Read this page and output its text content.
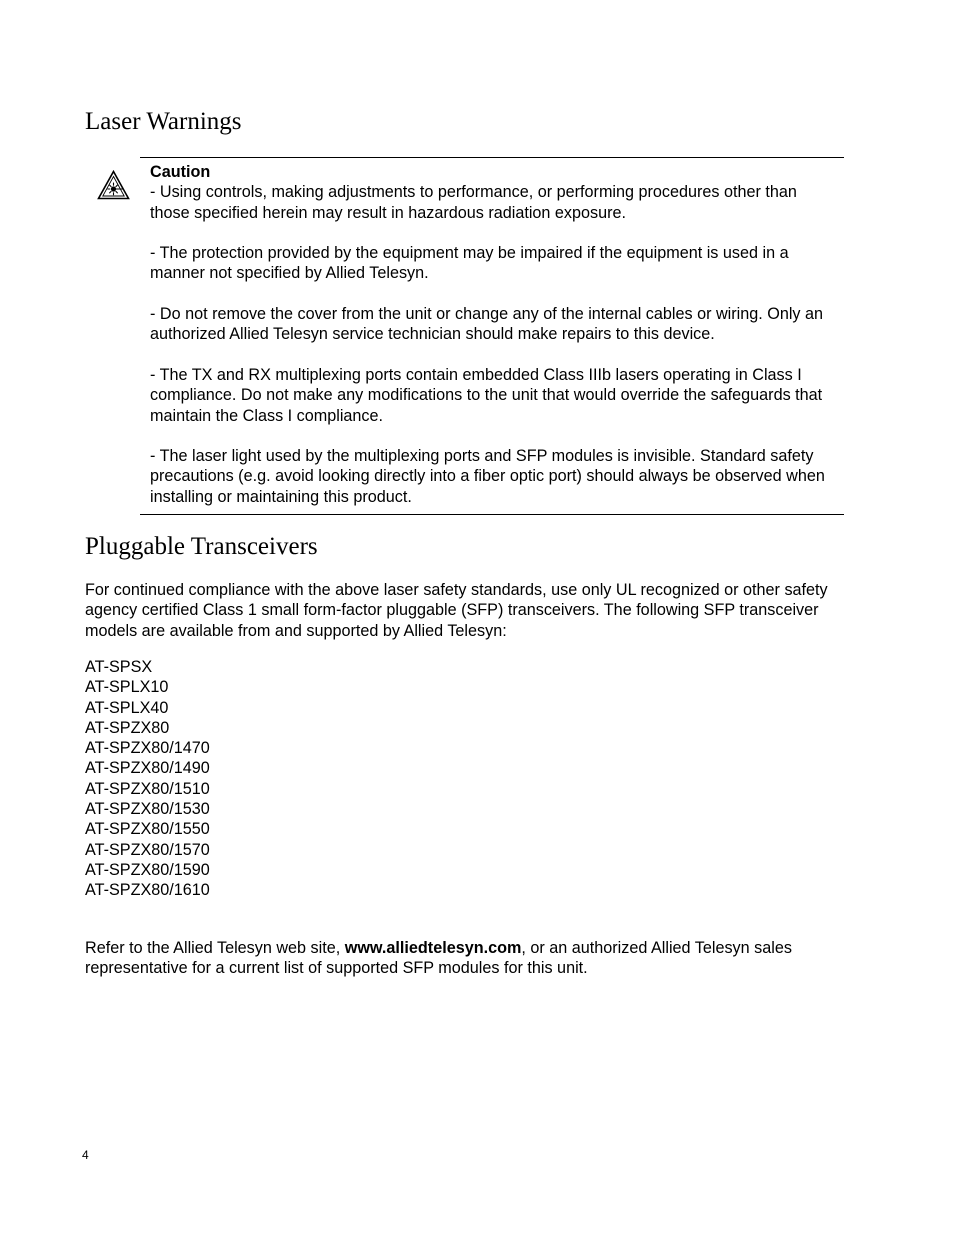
Laser Warnings

Caution

- Using controls, making adjustments to performance, or performing procedures other than those specified herein may result in hazardous radiation exposure.

- The protection provided by the equipment may be impaired if the equipment is used in a manner not specified by Allied Telesyn.

- Do not remove the cover from the unit or change any of the internal cables or wiring. Only an authorized Allied Telesyn service technician should make repairs to this device.

- The TX and RX multiplexing ports contain embedded Class IIIb lasers operating in Class I compliance. Do not make any modifications to the unit that would override the safeguards that maintain the Class I compliance.

- The laser light used by the multiplexing ports and SFP modules is invisible. Standard safety precautions (e.g. avoid looking directly into a fiber optic port) should always be observed when installing or maintaining this product.

Pluggable Transceivers

For continued compliance with the above laser safety standards, use only UL recognized or other safety agency certified Class 1 small form-factor pluggable (SFP) transceivers. The following SFP transceiver models are available from and supported by Allied Telesyn:

AT-SPSX
AT-SPLX10
AT-SPLX40
AT-SPZX80
AT-SPZX80/1470
AT-SPZX80/1490
AT-SPZX80/1510
AT-SPZX80/1530
AT-SPZX80/1550
AT-SPZX80/1570
AT-SPZX80/1590
AT-SPZX80/1610

Refer to the Allied Telesyn web site, www.alliedtelesyn.com, or an authorized Allied Telesyn sales representative for a current list of supported SFP modules for this unit.

4
